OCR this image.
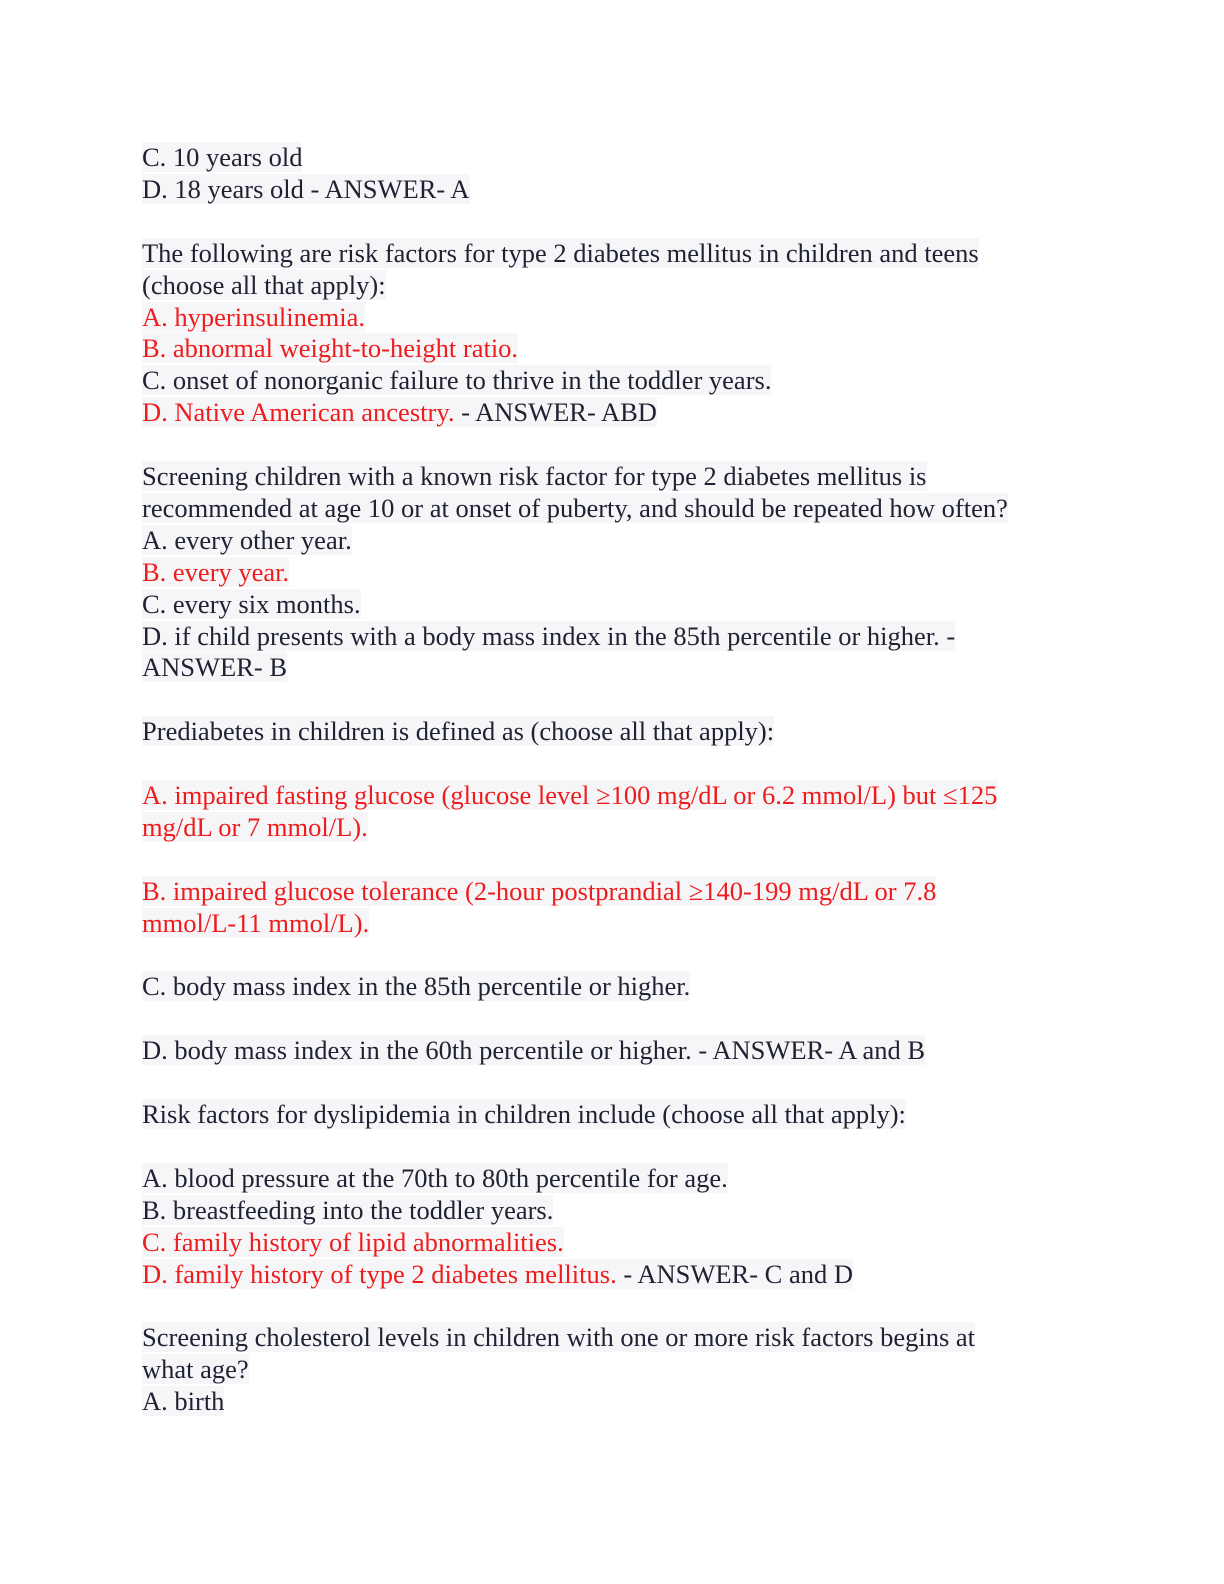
C. 10 years old
D. 18 years old - ANSWER- A
The following are risk factors for type 2 diabetes mellitus in children and teens
(choose all that apply):
A. hyperinsulinemia.
B. abnormal weight-to-height ratio.
C. onset of nonorganic failure to thrive in the toddler years.
D. Native American ancestry. - ANSWER- ABD
Screening children with a known risk factor for type 2 diabetes mellitus is
recommended at age 10 or at onset of puberty, and should be repeated how often?
A. every other year.
B. every year.
C. every six months.
D. if child presents with a body mass index in the 85th percentile or higher. -
ANSWER- B
Prediabetes in children is defined as (choose all that apply):
A. impaired fasting glucose (glucose level ≥100 mg/dL or 6.2 mmol/L) but ≤125
mg/dL or 7 mmol/L).
B. impaired glucose tolerance (2-hour postprandial ≥140-199 mg/dL or 7.8
mmol/L-11 mmol/L).
C. body mass index in the 85th percentile or higher.
D. body mass index in the 60th percentile or higher. - ANSWER- A and B
Risk factors for dyslipidemia in children include (choose all that apply):
A. blood pressure at the 70th to 80th percentile for age.
B. breastfeeding into the toddler years.
C. family history of lipid abnormalities.
D. family history of type 2 diabetes mellitus. - ANSWER- C and D
Screening cholesterol levels in children with one or more risk factors begins at
what age?
A. birth
